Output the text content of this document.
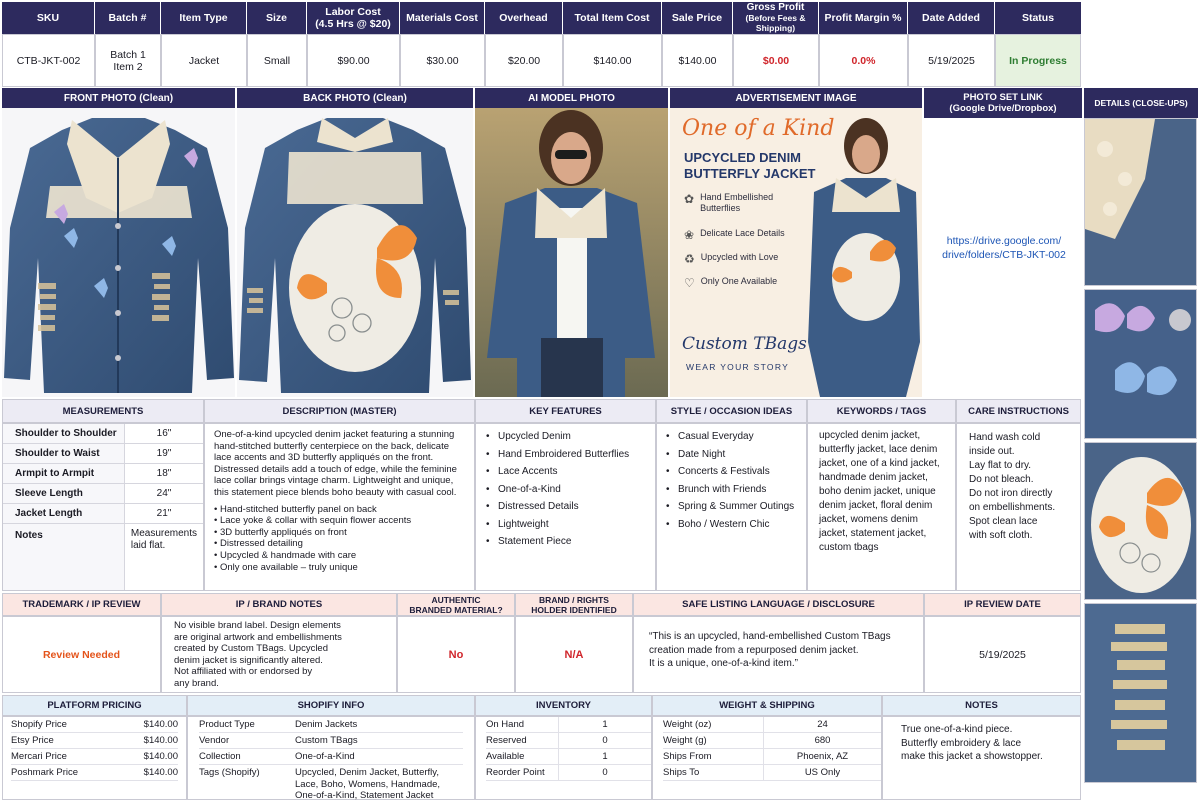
SKU	Batch #	Item Type	Size	Labor Cost
(4.5 Hrs @ $20)	Materials Cost	Overhead	Total Item Cost	Sale Price
Gross Profit
(Before Fees & Shipping)
Profit Margin %	Date Added	Status
CTB-JKT-002	Batch 1
Item 2	Jacket	Small	$90.00	$30.00	$20.00	$140.00	$140.00	$0.00	0.0%	5/19/2025	In Progress
FRONT PHOTO (Clean)	BACK PHOTO (Clean)	AI MODEL PHOTO	ADVERTISEMENT IMAGE	PHOTO SET LINK
(Google Drive/Dropbox)	DETAILS (CLOSE-UPS)
One of a Kind
UPCYCLED DENIM
BUTTERFLY JACKET
✿ Hand Embellished
Butterflies
❀ Delicate Lace Details
♻ Upcycled with Love
♡ Only One Available
Custom TBags
WEAR YOUR STORY
https://drive.google.com/
drive/folders/CTB-JKT-002
MEASUREMENTS
Shoulder to Shoulder	16"
Shoulder to Waist	19"
Armpit to Armpit	18"
Sleeve Length	24"
Jacket Length	21"
Notes	Measurements laid flat.
DESCRIPTION (MASTER)
One-of-a-kind upcycled denim jacket featuring a stunning hand-stitched butterfly centerpiece on the back, delicate lace accents and 3D butterfly appliqués on the front. Distressed details add a touch of edge, while the feminine lace collar brings vintage charm. Lightweight and unique, this statement piece blends boho beauty with casual cool.
• Hand-stitched butterfly panel on back
• Lace yoke & collar with sequin flower accents
• 3D butterfly appliqués on front
• Distressed detailing
• Upcycled & handmade with care
• Only one available – truly unique
KEY FEATURES
• Upcycled Denim
• Hand Embroidered Butterflies
• Lace Accents
• One-of-a-Kind
• Distressed Details
• Lightweight
• Statement Piece
STYLE / OCCASION IDEAS
• Casual Everyday
• Date Night
• Concerts & Festivals
• Brunch with Friends
• Spring & Summer Outings
• Boho / Western Chic
KEYWORDS / TAGS
upcycled denim jacket, butterfly jacket, lace denim jacket, one of a kind jacket, handmade denim jacket, boho denim jacket, unique denim jacket, floral denim jacket, womens denim jacket, statement jacket, custom tbags
CARE INSTRUCTIONS
Hand wash cold
inside out.
Lay flat to dry.
Do not bleach.
Do not iron directly
on embellishments.
Spot clean lace
with soft cloth.
TRADEMARK / IP REVIEW
Review Needed
IP / BRAND NOTES
No visible brand label. Design elements
are original artwork and embellishments
created by Custom TBags. Upcycled
denim jacket is significantly altered.
Not affiliated with or endorsed by
any brand.
AUTHENTIC
BRANDED MATERIAL?
No
BRAND / RIGHTS
HOLDER IDENTIFIED
N/A
SAFE LISTING LANGUAGE / DISCLOSURE
“This is an upcycled, hand-embellished Custom TBags
creation made from a repurposed denim jacket.
It is a unique, one-of-a-kind item.”
IP REVIEW DATE
5/19/2025
PLATFORM PRICING
Shopify Price	$140.00
Etsy Price	$140.00
Mercari Price	$140.00
Poshmark Price	$140.00
SHOPIFY INFO
Product Type	Denim Jackets
Vendor	Custom TBags
Collection	One-of-a-Kind
Tags (Shopify)	Upcycled, Denim Jacket, Butterfly,
Lace, Boho, Womens, Handmade,
One-of-a-Kind, Statement Jacket
INVENTORY
On Hand	1
Reserved	0
Available	1
Reorder Point	0
WEIGHT & SHIPPING
Weight (oz)	24
Weight (g)	680
Ships From	Phoenix, AZ
Ships To	US Only
NOTES
True one-of-a-kind piece.
Butterfly embroidery & lace
make this jacket a showstopper.
